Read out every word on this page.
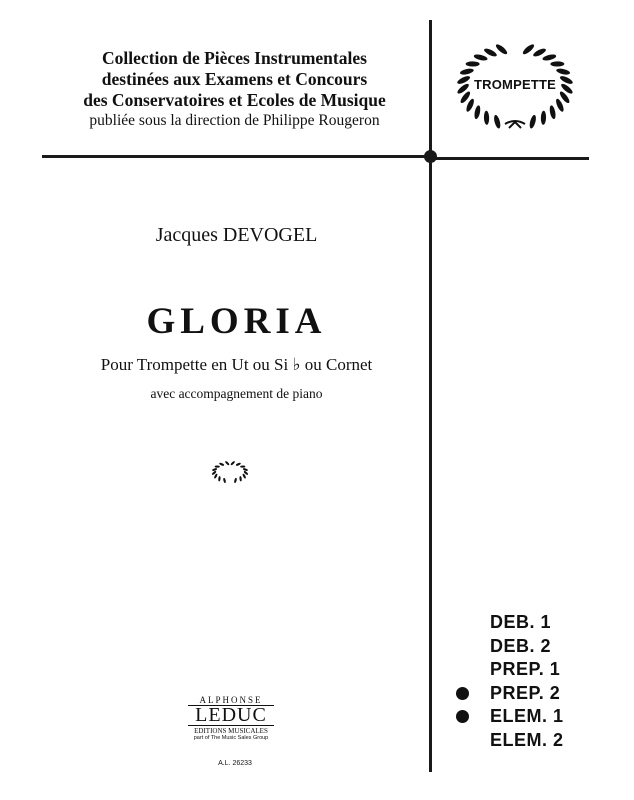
Collection de Pièces Instrumentales
destinées aux Examens et Concours
des Conservatoires et Ecoles de Musique
publiée sous la direction de Philippe Rougeron
TROMPETTE
Jacques DEVOGEL
GLORIA
Pour Trompette en Ut ou Si ♭ ou Cornet
avec accompagnement de piano
ALPHONSE
LEDUC
EDITIONS MUSICALES
part of The Music Sales Group
A.L. 26233
DEB. 1
DEB. 2
PREP. 1
PREP. 2
ELEM. 1
ELEM. 2
